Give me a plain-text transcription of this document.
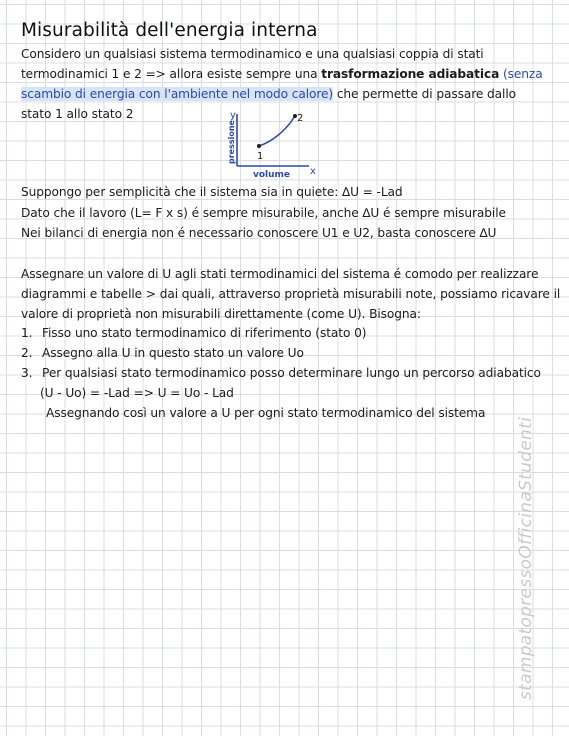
Misurabilità dell'energia interna
Considero un qualsiasi sistema termodinamico e una qualsiasi coppia di stati
termodinamici 1 e 2 => allora esiste sempre una trasformazione adiabatica (senza
scambio di energia con l'ambiente nel modo calore) che permette di passare dallo
stato 1 allo stato 2
1
2
y
x
volume
pressione
Suppongo per semplicità che il sistema sia in quiete: ∆U = -Lad
Dato che il lavoro (L= F x s) é sempre misurabile, anche ∆U é sempre misurabile
Nei bilanci di energia non é necessario conoscere U1 e U2, basta conoscere ∆U
Assegnare un valore di U agli stati termodinamici del sistema é comodo per realizzare
diagrammi e tabelle > dai quali, attraverso proprietà misurabili note, possiamo ricavare il
valore di proprietà non misurabili direttamente (come U). Bisogna:
1. Fisso uno stato termodinamico di riferimento (stato 0)
2. Assegno alla U in questo stato un valore Uo
3. Per qualsiasi stato termodinamico posso determinare lungo un percorso adiabatico
(U - Uo) = -Lad => U = Uo - Lad
Assegnando così un valore a U per ogni stato termodinamico del sistema
stampatopressoOfficinaStudenti
